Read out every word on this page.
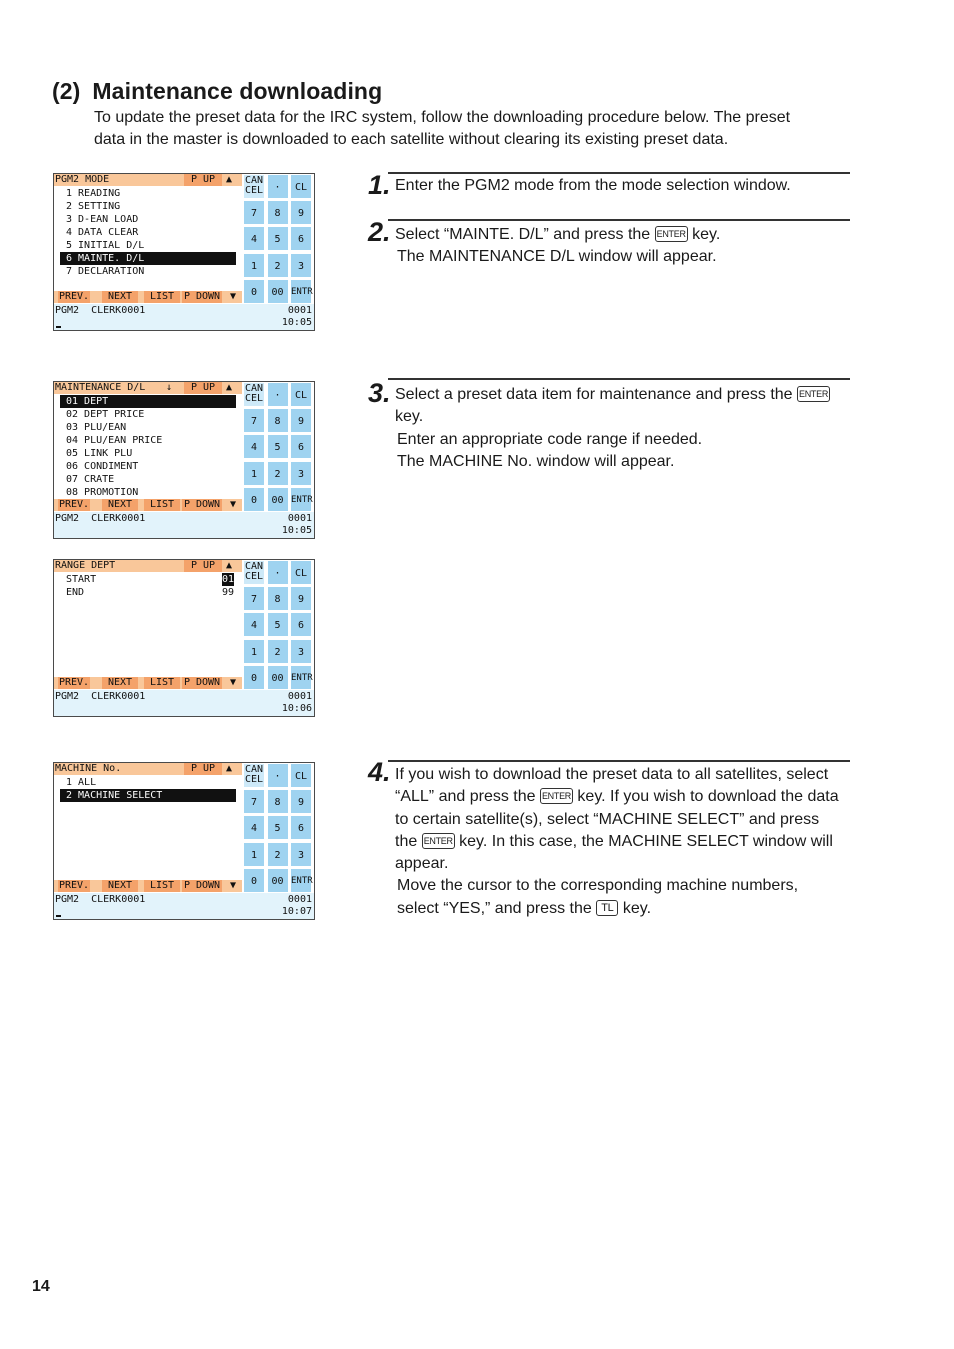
(2) Maintenance downloading
To update the preset data for the IRC system, follow the downloading procedure below. The preset
data in the master is downloaded to each satellite without clearing its existing preset data.
1. Enter the PGM2 mode from the mode selection window.
2. Select “MAINTE. D/L” and press the ENTER key.
The MAINTENANCE D/L window will appear.
3. Select a preset data item for maintenance and press the ENTER
key.
Enter an appropriate code range if needed.
The MACHINE No. window will appear.
4. If you wish to download the preset data to all satellites, select
“ALL” and press the ENTER key. If you wish to download the data
to certain satellite(s), select “MACHINE SELECT” and press
the ENTER key. In this case, the MACHINE SELECT window will
appear.
Move the cursor to the corresponding machine numbers,
select “YES,” and press the TL key.
PGM2 MODE	P UP	▲
1 READING
2 SETTING
3 D-EAN LOAD
4 DATA CLEAR
5 INITIAL D/L
6 MAINTE. D/L
7 DECLARATION
PREV.	NEXT	LIST P DOWN ▼
CAN CEL	·	CL
7	8	9
4	5	6
1	2	3
0	00 ENTR
PGM2 CLERK0001	0001
10:05
MAINTENANCE D/L ↓	P UP	▲
01 DEPT
02 DEPT PRICE
03 PLU/EAN
04 PLU/EAN PRICE
05 LINK PLU
06 CONDIMENT
07 CRATE
08 PROMOTION
PREV.	NEXT	LIST P DOWN ▼
CAN CEL	·	CL
7	8	9
4	5	6
1	2	3
0	00 ENTR
PGM2 CLERK0001	0001
10:05
RANGE DEPT	P UP	▲
START	01
END	99
PREV.	NEXT	LIST P DOWN ▼
CAN CEL	·	CL
7	8	9
4	5	6
1	2	3
0	00 ENTR
PGM2 CLERK0001	0001
10:06
MACHINE No.	P UP	▲
1 ALL
2 MACHINE SELECT
PREV.	NEXT	LIST P DOWN ▼
CAN CEL	·	CL
7	8	9
4	5	6
1	2	3
0	00 ENTR
PGM2 CLERK0001	0001
10:07
14
